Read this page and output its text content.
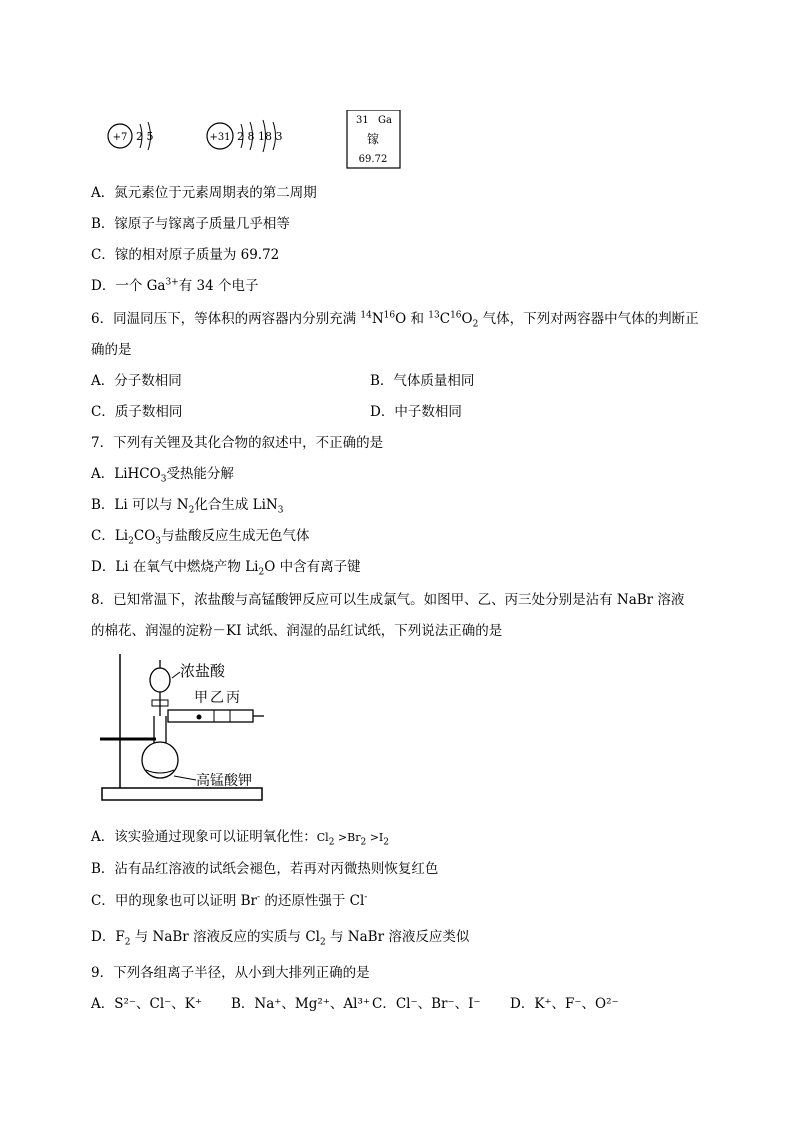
+7 2 5	+31 2 8 18 3
31 Ga
镓
69.72
A．氮元素位于元素周期表的第二周期
B．镓原子与镓离子质量几乎相等
C．镓的相对原子质量为 69.72
D．一个 $Ga^{3+}$有 34 个电子
6．同温同压下，等体积的两容器内分别充满 $^{14}N^{16}O$ 和 $^{13}C^{16}O_2$ 气体，下列对两容器中气体的判断正
确的是
A．分子数相同	B．气体质量相同
C．质子数相同	D．中子数相同
7．下列有关锂及其化合物的叙述中，不正确的是
A．LiHCO$_3$受热能分解
B．Li 可以与 $N_2$化合生成 LiN$_3$
C．$Li_2CO_3$与盐酸反应生成无色气体
D．Li 在氧气中燃烧产物 $Li_2O$ 中含有离子键
8．已知常温下，浓盐酸与高锰酸钾反应可以生成氯气。如图甲、乙、丙三处分别是沾有 NaBr 溶液
的棉花、润湿的淀粉－KI 试纸、润湿的品红试纸，下列说法正确的是
浓盐酸
甲 乙 丙
高锰酸钾
A．该实验通过现象可以证明氧化性：$Cl_2 >Br_2 >I_2$
B．沾有品红溶液的试纸会褪色，若再对丙微热则恢复红色
C．甲的现象也可以证明 Br- 的还原性强于 Cl-
D．$F_2$ 与 NaBr 溶液反应的实质与 $Cl_2$ 与 NaBr 溶液反应类似
9．下列各组离子半径，从小到大排列正确的是
A．S²⁻、Cl⁻、K⁺ B．Na⁺、Mg²⁺、Al³⁺ C．Cl⁻、Br⁻、I⁻ D．K⁺、F⁻、O²⁻
